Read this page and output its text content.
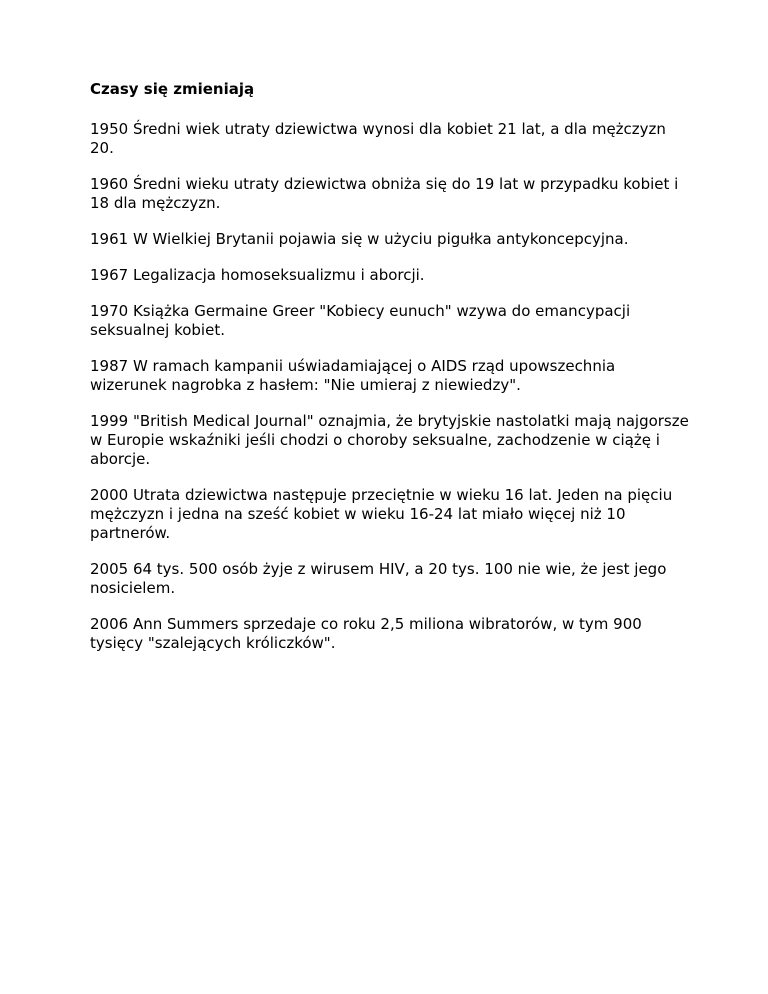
Czasy się zmieniają
1950 Średni wiek utraty dziewictwa wynosi dla kobiet 21 lat, a dla mężczyzn 20.
1960 Średni wieku utraty dziewictwa obniża się do 19 lat w przypadku kobiet i 18 dla mężczyzn.
1961 W Wielkiej Brytanii pojawia się w użyciu pigułka antykoncepcyjna.
1967 Legalizacja homoseksualizmu i aborcji.
1970 Książka Germaine Greer "Kobiecy eunuch" wzywa do emancypacji seksualnej kobiet.
1987 W ramach kampanii uświadamiającej o AIDS rząd upowszechnia wizerunek nagrobka z hasłem: "Nie umieraj z niewiedzy".
1999 "British Medical Journal" oznajmia, że brytyjskie nastolatki mają najgorsze w Europie wskaźniki jeśli chodzi o choroby seksualne, zachodzenie w ciążę i aborcje.
2000 Utrata dziewictwa następuje przeciętnie w wieku 16 lat. Jeden na pięciu mężczyzn i jedna na sześć kobiet w wieku 16-24 lat miało więcej niż 10 partnerów.
2005 64 tys. 500 osób żyje z wirusem HIV, a 20 tys. 100 nie wie, że jest jego nosicielem.
2006 Ann Summers sprzedaje co roku 2,5 miliona wibratorów, w tym 900 tysięcy "szalejących króliczków".
